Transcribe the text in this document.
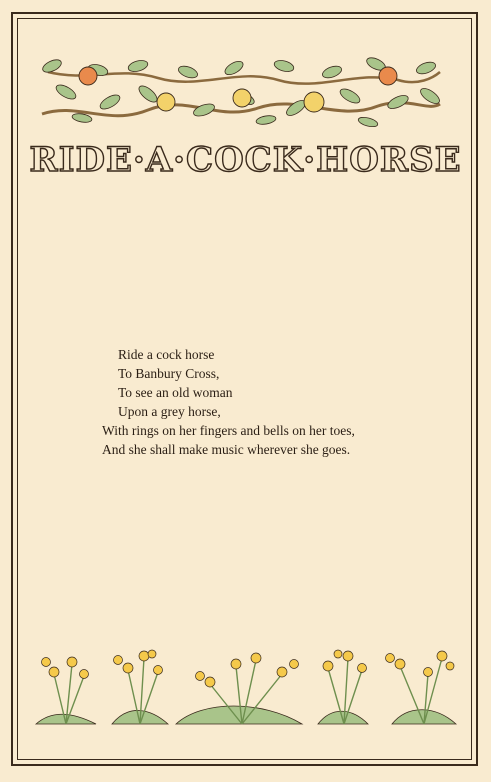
RIDE·A·COCK·HORSE
Ride a cock horse
To Banbury Cross,
To see an old woman
Upon a grey horse,
With rings on her fingers and bells on her toes,
And she shall make music wherever she goes.
